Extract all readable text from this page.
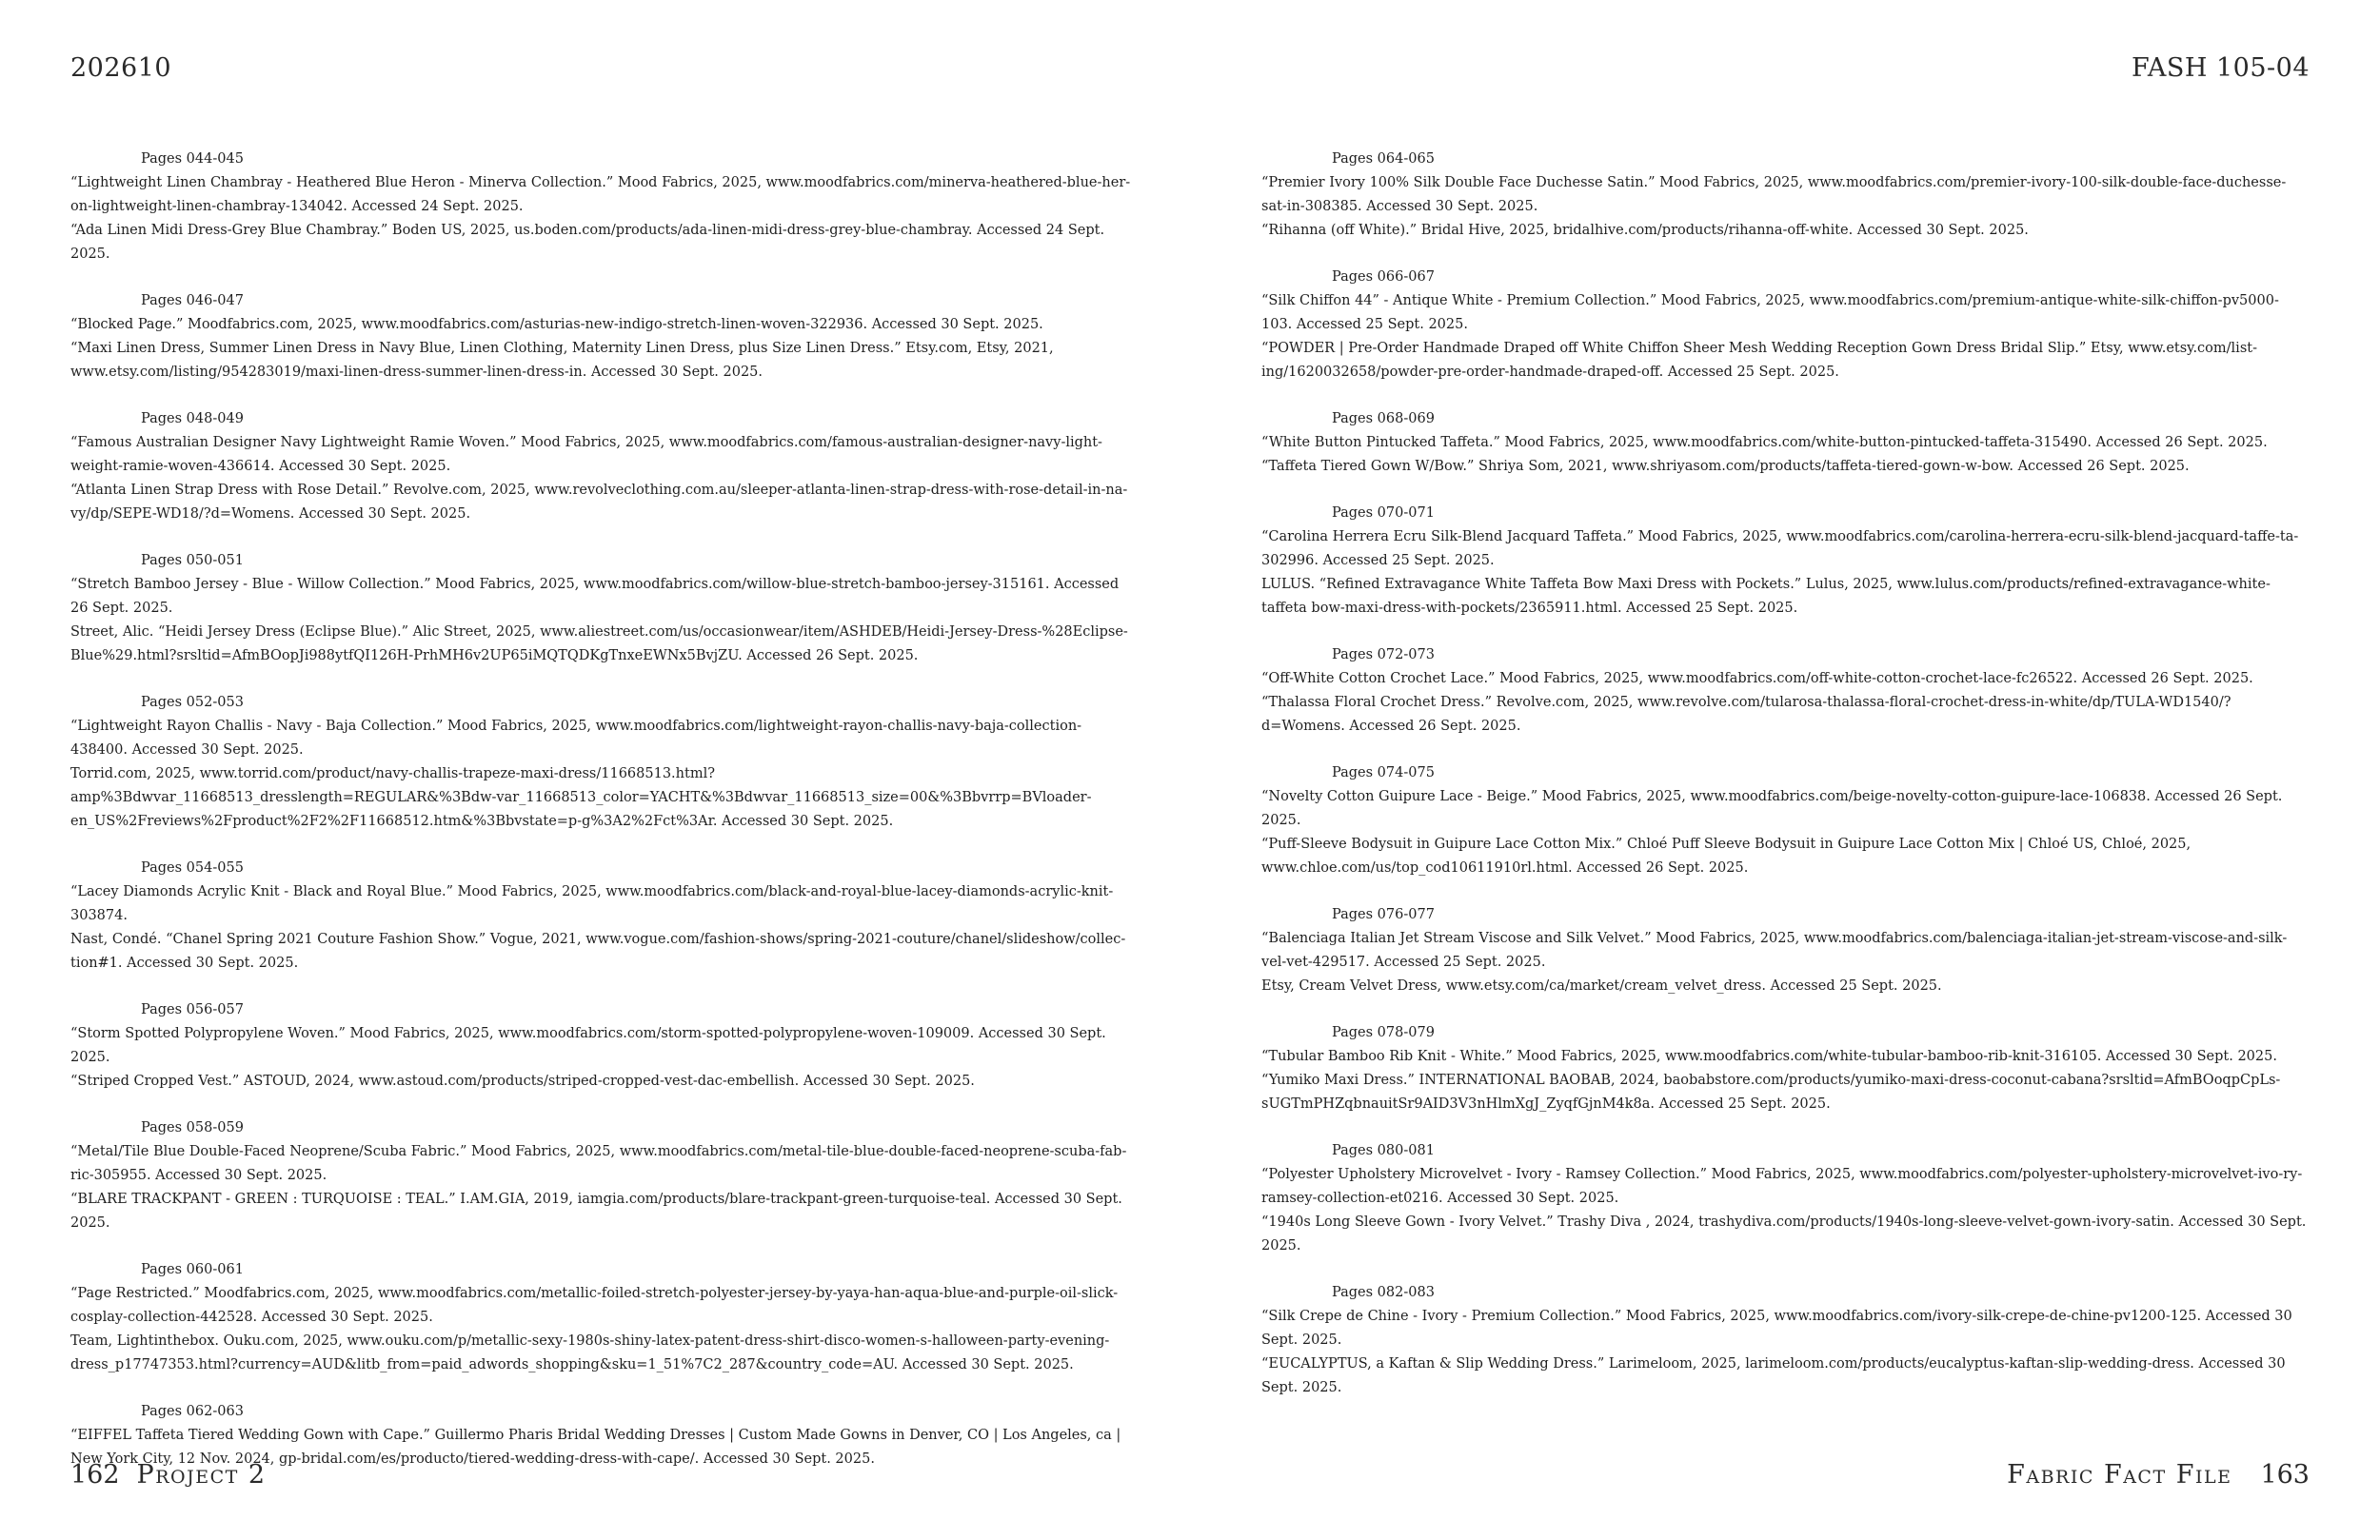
202610	FASH 105-04
Pages 044-045
“Lightweight Linen Chambray - Heathered Blue Heron - Minerva Collection.” Mood Fabrics, 2025, www.moodfabrics.com/minerva-heathered-blue-her-on-lightweight-linen-chambray-134042. Accessed 24 Sept. 2025.
“Ada Linen Midi Dress-Grey Blue Chambray.” Boden US, 2025, us.boden.com/products/ada-linen-midi-dress-grey-blue-chambray. Accessed 24 Sept. 2025.
Pages 046-047
“Blocked Page.” Moodfabrics.com, 2025, www.moodfabrics.com/asturias-new-indigo-stretch-linen-woven-322936. Accessed 30 Sept. 2025.
“Maxi Linen Dress, Summer Linen Dress in Navy Blue, Linen Clothing, Maternity Linen Dress, plus Size Linen Dress.” Etsy.com, Etsy, 2021, www.etsy.com/listing/954283019/maxi-linen-dress-summer-linen-dress-in. Accessed 30 Sept. 2025.
Pages 048-049
“Famous Australian Designer Navy Lightweight Ramie Woven.” Mood Fabrics, 2025, www.moodfabrics.com/famous-australian-designer-navy-light-weight-ramie-woven-436614. Accessed 30 Sept. 2025.
“Atlanta Linen Strap Dress with Rose Detail.” Revolve.com, 2025, www.revolveclothing.com.au/sleeper-atlanta-linen-strap-dress-with-rose-detail-in-na-vy/dp/SEPE-WD18/?d=Womens. Accessed 30 Sept. 2025.
Pages 050-051
“Stretch Bamboo Jersey - Blue - Willow Collection.” Mood Fabrics, 2025, www.moodfabrics.com/willow-blue-stretch-bamboo-jersey-315161. Accessed 26 Sept. 2025.
Street, Alic. “Heidi Jersey Dress (Eclipse Blue).” Alic Street, 2025, www.aliestreet.com/us/occasionwear/item/ASHDEB/Heidi-Jersey-Dress-%28Eclipse-Blue%29.html?srsltid=AfmBOopJi988ytfQI126H-PrhMH6v2UP65iMQTQDKgTnxeEWNx5BvjZU. Accessed 26 Sept. 2025.
Pages 052-053
“Lightweight Rayon Challis - Navy - Baja Collection.” Mood Fabrics, 2025, www.moodfabrics.com/lightweight-rayon-challis-navy-baja-collection-438400. Accessed 30 Sept. 2025.
Torrid.com, 2025, www.torrid.com/product/navy-challis-trapeze-maxi-dress/11668513.html?amp%3Bdwvar_11668513_dresslength=REGULAR&%3Bdw-var_11668513_color=YACHT&%3Bdwvar_11668513_size=00&%3Bbvrrp=BVloader-en_US%2Freviews%2Fproduct%2F2%2F11668512.htm&%3Bbvstate=p-g%3A2%2Fct%3Ar. Accessed 30 Sept. 2025.
Pages 054-055
“Lacey Diamonds Acrylic Knit - Black and Royal Blue.” Mood Fabrics, 2025, www.moodfabrics.com/black-and-royal-blue-lacey-diamonds-acrylic-knit-303874.
Nast, Condé. “Chanel Spring 2021 Couture Fashion Show.” Vogue, 2021, www.vogue.com/fashion-shows/spring-2021-couture/chanel/slideshow/collec-tion#1. Accessed 30 Sept. 2025.
Pages 056-057
“Storm Spotted Polypropylene Woven.” Mood Fabrics, 2025, www.moodfabrics.com/storm-spotted-polypropylene-woven-109009. Accessed 30 Sept. 2025.
“Striped Cropped Vest.” ASTOUD, 2024, www.astoud.com/products/striped-cropped-vest-dac-embellish. Accessed 30 Sept. 2025.
Pages 058-059
“Metal/Tile Blue Double-Faced Neoprene/Scuba Fabric.” Mood Fabrics, 2025, www.moodfabrics.com/metal-tile-blue-double-faced-neoprene-scuba-fab-ric-305955. Accessed 30 Sept. 2025.
“BLARE TRACKPANT - GREEN : TURQUOISE : TEAL.” I.AM.GIA, 2019, iamgia.com/products/blare-trackpant-green-turquoise-teal. Accessed 30 Sept. 2025.
Pages 060-061
“Page Restricted.” Moodfabrics.com, 2025, www.moodfabrics.com/metallic-foiled-stretch-polyester-jersey-by-yaya-han-aqua-blue-and-purple-oil-slick-cosplay-collection-442528. Accessed 30 Sept. 2025.
Team, Lightinthebox. Ouku.com, 2025, www.ouku.com/p/metallic-sexy-1980s-shiny-latex-patent-dress-shirt-disco-women-s-halloween-party-evening-dress_p17747353.html?currency=AUD&litb_from=paid_adwords_shopping&sku=1_51%7C2_287&country_code=AU. Accessed 30 Sept. 2025.
Pages 062-063
“EIFFEL Taffeta Tiered Wedding Gown with Cape.” Guillermo Pharis Bridal Wedding Dresses | Custom Made Gowns in Denver, CO | Los Angeles, ca | New York City, 12 Nov. 2024, gp-bridal.com/es/producto/tiered-wedding-dress-with-cape/. Accessed 30 Sept. 2025.
Pages 064-065
“Premier Ivory 100% Silk Double Face Duchesse Satin.” Mood Fabrics, 2025, www.moodfabrics.com/premier-ivory-100-silk-double-face-duchesse-sat-in-308385. Accessed 30 Sept. 2025.
“Rihanna (off White).” Bridal Hive, 2025, bridalhive.com/products/rihanna-off-white. Accessed 30 Sept. 2025.
Pages 066-067
“Silk Chiffon 44” - Antique White - Premium Collection.” Mood Fabrics, 2025, www.moodfabrics.com/premium-antique-white-silk-chiffon-pv5000-103. Accessed 25 Sept. 2025.
“POWDER | Pre-Order Handmade Draped off White Chiffon Sheer Mesh Wedding Reception Gown Dress Bridal Slip.” Etsy, www.etsy.com/list-ing/1620032658/powder-pre-order-handmade-draped-off. Accessed 25 Sept. 2025.
Pages 068-069
“White Button Pintucked Taffeta.” Mood Fabrics, 2025, www.moodfabrics.com/white-button-pintucked-taffeta-315490. Accessed 26 Sept. 2025.
“Taffeta Tiered Gown W/Bow.” Shriya Som, 2021, www.shriyasom.com/products/taffeta-tiered-gown-w-bow. Accessed 26 Sept. 2025.
Pages 070-071
“Carolina Herrera Ecru Silk-Blend Jacquard Taffeta.” Mood Fabrics, 2025, www.moodfabrics.com/carolina-herrera-ecru-silk-blend-jacquard-taffe-ta-302996. Accessed 25 Sept. 2025.
LULUS. “Refined Extravagance White Taffeta Bow Maxi Dress with Pockets.” Lulus, 2025, www.lulus.com/products/refined-extravagance-white-taffeta bow-maxi-dress-with-pockets/2365911.html. Accessed 25 Sept. 2025.
Pages 072-073
“Off-White Cotton Crochet Lace.” Mood Fabrics, 2025, www.moodfabrics.com/off-white-cotton-crochet-lace-fc26522. Accessed 26 Sept. 2025.
“Thalassa Floral Crochet Dress.” Revolve.com, 2025, www.revolve.com/tularosa-thalassa-floral-crochet-dress-in-white/dp/TULA-WD1540/?d=Womens. Accessed 26 Sept. 2025.
Pages 074-075
“Novelty Cotton Guipure Lace - Beige.” Mood Fabrics, 2025, www.moodfabrics.com/beige-novelty-cotton-guipure-lace-106838. Accessed 26 Sept. 2025.
“Puff-Sleeve Bodysuit in Guipure Lace Cotton Mix.” Chloé Puff Sleeve Bodysuit in Guipure Lace Cotton Mix | Chloé US, Chloé, 2025, www.chloe.com/us/top_cod10611910rl.html. Accessed 26 Sept. 2025.
Pages 076-077
“Balenciaga Italian Jet Stream Viscose and Silk Velvet.” Mood Fabrics, 2025, www.moodfabrics.com/balenciaga-italian-jet-stream-viscose-and-silk-vel-vet-429517. Accessed 25 Sept. 2025.
Etsy, Cream Velvet Dress, www.etsy.com/ca/market/cream_velvet_dress. Accessed 25 Sept. 2025.
Pages 078-079
“Tubular Bamboo Rib Knit - White.” Mood Fabrics, 2025, www.moodfabrics.com/white-tubular-bamboo-rib-knit-316105. Accessed 30 Sept. 2025.
“Yumiko Maxi Dress.” INTERNATIONAL BAOBAB, 2024, baobabstore.com/products/yumiko-maxi-dress-coconut-cabana?srsltid=AfmBOoqpCpLs-sUGTmPHZqbnauitSr9AID3V3nHlmXgJ_ZyqfGjnM4k8a. Accessed 25 Sept. 2025.
Pages 080-081
“Polyester Upholstery Microvelvet - Ivory - Ramsey Collection.” Mood Fabrics, 2025, www.moodfabrics.com/polyester-upholstery-microvelvet-ivo-ry-ramsey-collection-et0216. Accessed 30 Sept. 2025.
“1940s Long Sleeve Gown - Ivory Velvet.” Trashy Diva , 2024, trashydiva.com/products/1940s-long-sleeve-velvet-gown-ivory-satin. Accessed 30 Sept. 2025.
Pages 082-083
“Silk Crepe de Chine - Ivory - Premium Collection.” Mood Fabrics, 2025, www.moodfabrics.com/ivory-silk-crepe-de-chine-pv1200-125. Accessed 30 Sept. 2025.
“EUCALYPTUS, a Kaftan & Slip Wedding Dress.” Larimeloom, 2025, larimeloom.com/products/eucalyptus-kaftan-slip-wedding-dress. Accessed 30 Sept. 2025.
162 Project 2	Fabric Fact File 163
